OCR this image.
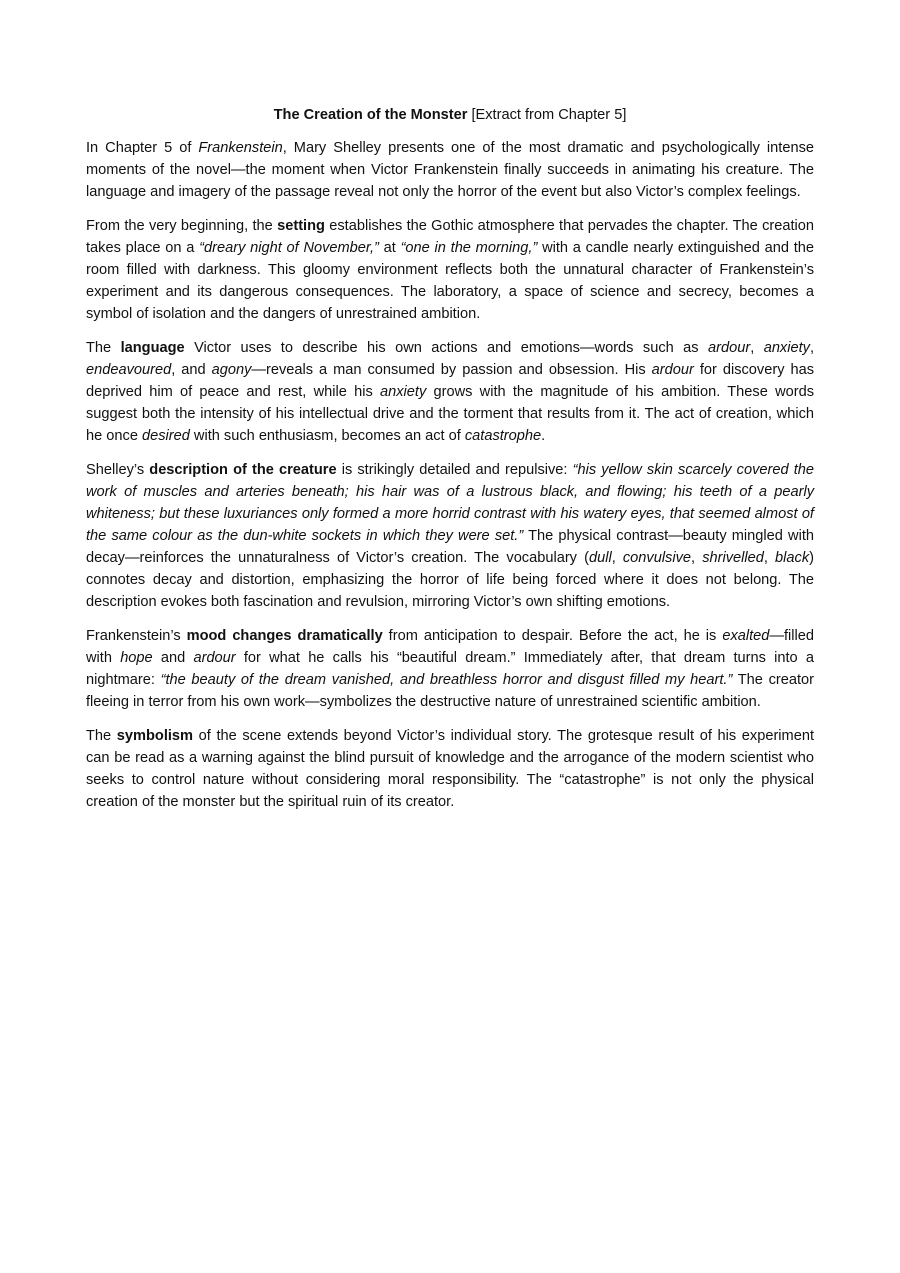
The Creation of the Monster [Extract from Chapter 5]

In Chapter 5 of Frankenstein, Mary Shelley presents one of the most dramatic and psychologically intense moments of the novel—the moment when Victor Frankenstein finally succeeds in animating his creature. The language and imagery of the passage reveal not only the horror of the event but also Victor’s complex feelings.

From the very beginning, the setting establishes the Gothic atmosphere that pervades the chapter. The creation takes place on a “dreary night of November,” at “one in the morning,” with a candle nearly extinguished and the room filled with darkness. This gloomy environment reflects both the unnatural character of Frankenstein’s experiment and its dangerous consequences. The laboratory, a space of science and secrecy, becomes a symbol of isolation and the dangers of unrestrained ambition.

The language Victor uses to describe his own actions and emotions—words such as ardour, anxiety, endeavoured, and agony—reveals a man consumed by passion and obsession. His ardour for discovery has deprived him of peace and rest, while his anxiety grows with the magnitude of his ambition. These words suggest both the intensity of his intellectual drive and the torment that results from it. The act of creation, which he once desired with such enthusiasm, becomes an act of catastrophe.

Shelley’s description of the creature is strikingly detailed and repulsive: “his yellow skin scarcely covered the work of muscles and arteries beneath; his hair was of a lustrous black, and flowing; his teeth of a pearly whiteness; but these luxuriances only formed a more horrid contrast with his watery eyes, that seemed almost of the same colour as the dun-white sockets in which they were set.” The physical contrast—beauty mingled with decay—reinforces the unnaturalness of Victor’s creation. The vocabulary (dull, convulsive, shrivelled, black) connotes decay and distortion, emphasizing the horror of life being forced where it does not belong. The description evokes both fascination and revulsion, mirroring Victor’s own shifting emotions.

Frankenstein’s mood changes dramatically from anticipation to despair. Before the act, he is exalted—filled with hope and ardour for what he calls his “beautiful dream.” Immediately after, that dream turns into a nightmare: “the beauty of the dream vanished, and breathless horror and disgust filled my heart.” The creator fleeing in terror from his own work—symbolizes the destructive nature of unrestrained scientific ambition.

The symbolism of the scene extends beyond Victor’s individual story. The grotesque result of his experiment can be read as a warning against the blind pursuit of knowledge and the arrogance of the modern scientist who seeks to control nature without considering moral responsibility. The “catastrophe” is not only the physical creation of the monster but the spiritual ruin of its creator.
